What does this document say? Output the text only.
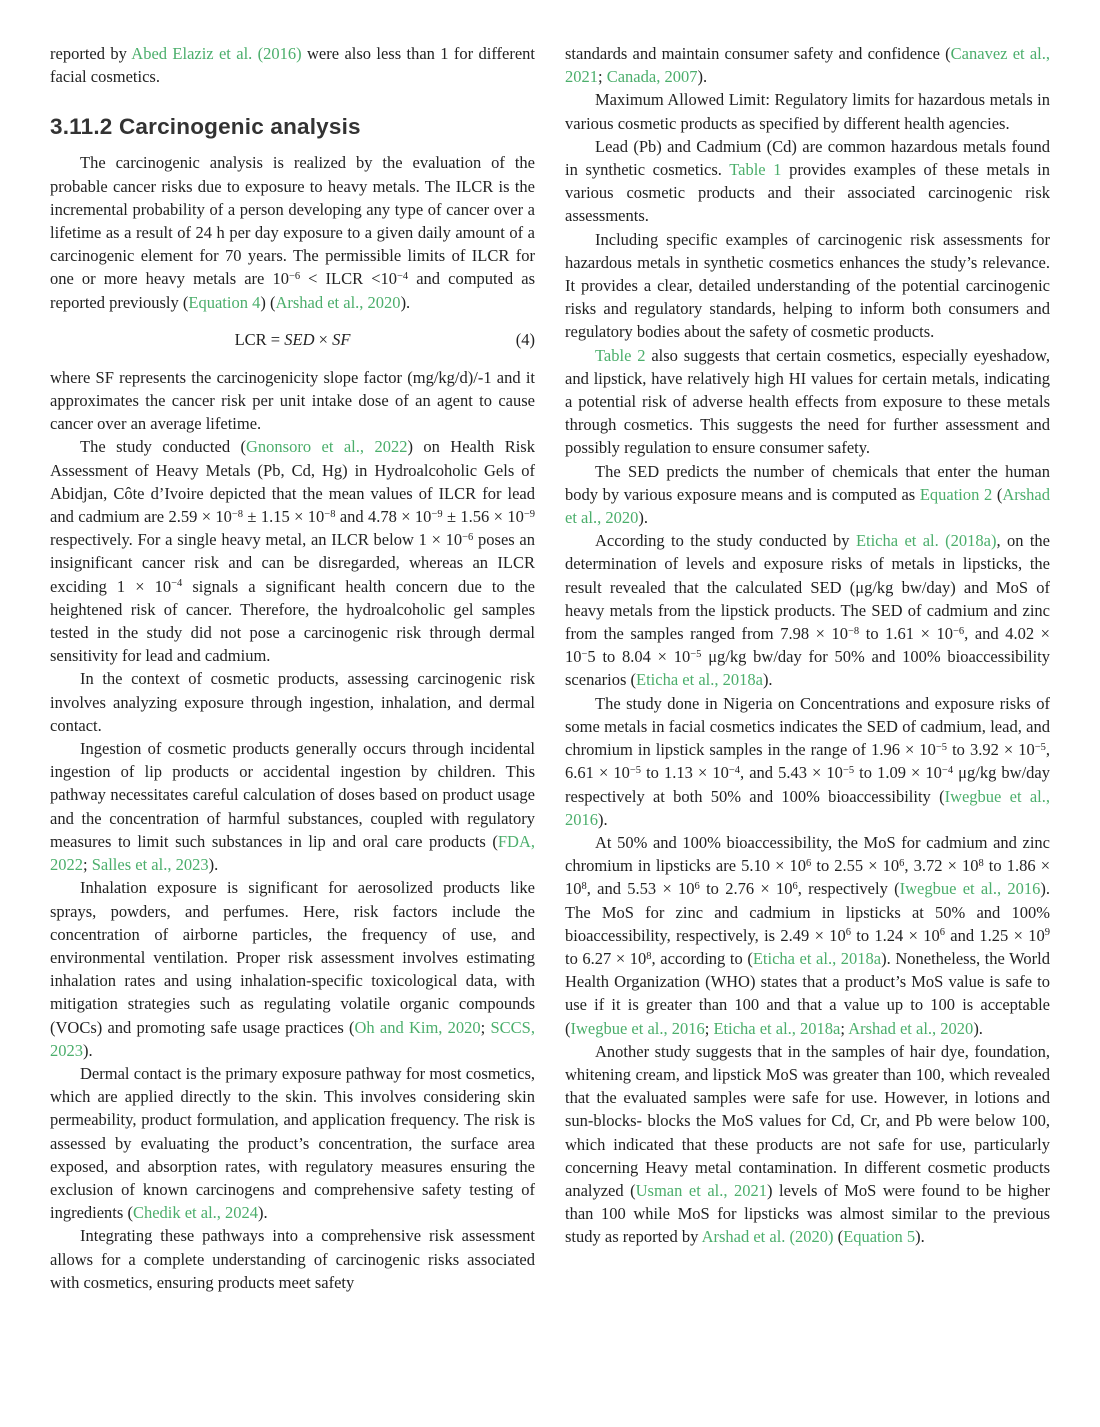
reported by Abed Elaziz et al. (2016) were also less than 1 for different facial cosmetics.

3.11.2 Carcinogenic analysis

The carcinogenic analysis is realized by the evaluation of the probable cancer risks due to exposure to heavy metals. The ILCR is the incremental probability of a person developing any type of cancer over a lifetime as a result of 24 h per day exposure to a given daily amount of a carcinogenic element for 70 years. The permissible limits of ILCR for one or more heavy metals are $10^{-6}$ < ILCR $<10^{-4}$ and computed as reported previously (Equation 4) (Arshad et al., 2020).

LCR = SED × SF	(4)

where SF represents the carcinogenicity slope factor (mg/kg/d)/-1 and it approximates the cancer risk per unit intake dose of an agent to cause cancer over an average lifetime.

The study conducted (Gnonsoro et al., 2022) on Health Risk Assessment of Heavy Metals (Pb, Cd, Hg) in Hydroalcoholic Gels of Abidjan, Côte d’Ivoire depicted that the mean values of ILCR for lead and cadmium are $2.59 \times 10^{-8} \pm 1.15 \times 10^{-8}$ and $4.78 \times 10^{-9} \pm 1.56 \times 10^{-9}$ respectively. For a single heavy metal, an ILCR below $1 \times 10^{-6}$ poses an insignificant cancer risk and can be disregarded, whereas an ILCR exciding $1 \times 10^{-4}$ signals a significant health concern due to the heightened risk of cancer. Therefore, the hydroalcoholic gel samples tested in the study did not pose a carcinogenic risk through dermal sensitivity for lead and cadmium.

In the context of cosmetic products, assessing carcinogenic risk involves analyzing exposure through ingestion, inhalation, and dermal contact.

Ingestion of cosmetic products generally occurs through incidental ingestion of lip products or accidental ingestion by children. This pathway necessitates careful calculation of doses based on product usage and the concentration of harmful substances, coupled with regulatory measures to limit such substances in lip and oral care products (FDA, 2022; Salles et al., 2023).

Inhalation exposure is significant for aerosolized products like sprays, powders, and perfumes. Here, risk factors include the concentration of airborne particles, the frequency of use, and environmental ventilation. Proper risk assessment involves estimating inhalation rates and using inhalation-specific toxicological data, with mitigation strategies such as regulating volatile organic compounds (VOCs) and promoting safe usage practices (Oh and Kim, 2020; SCCS, 2023).

Dermal contact is the primary exposure pathway for most cosmetics, which are applied directly to the skin. This involves considering skin permeability, product formulation, and application frequency. The risk is assessed by evaluating the product’s concentration, the surface area exposed, and absorption rates, with regulatory measures ensuring the exclusion of known carcinogens and comprehensive safety testing of ingredients (Chedik et al., 2024).

Integrating these pathways into a comprehensive risk assessment allows for a complete understanding of carcinogenic risks associated with cosmetics, ensuring products meet safety

standards and maintain consumer safety and confidence (Canavez et al., 2021; Canada, 2007).

Maximum Allowed Limit: Regulatory limits for hazardous metals in various cosmetic products as specified by different health agencies.

Lead (Pb) and Cadmium (Cd) are common hazardous metals found in synthetic cosmetics. Table 1 provides examples of these metals in various cosmetic products and their associated carcinogenic risk assessments.

Including specific examples of carcinogenic risk assessments for hazardous metals in synthetic cosmetics enhances the study’s relevance. It provides a clear, detailed understanding of the potential carcinogenic risks and regulatory standards, helping to inform both consumers and regulatory bodies about the safety of cosmetic products.

Table 2 also suggests that certain cosmetics, especially eyeshadow, and lipstick, have relatively high HI values for certain metals, indicating a potential risk of adverse health effects from exposure to these metals through cosmetics. This suggests the need for further assessment and possibly regulation to ensure consumer safety.

The SED predicts the number of chemicals that enter the human body by various exposure means and is computed as Equation 2 (Arshad et al., 2020).

According to the study conducted by Eticha et al. (2018a), on the determination of levels and exposure risks of metals in lipsticks, the result revealed that the calculated SED (μg/kg bw/day) and MoS of heavy metals from the lipstick products. The SED of cadmium and zinc from the samples ranged from $7.98 \times 10^{-8}$ to $1.61 \times 10^{-6}$, and 4.02 × 10−5 to $8.04 \times 10^{-5}$ μg/kg bw/day for 50% and 100% bioaccessibility scenarios (Eticha et al., 2018a).

The study done in Nigeria on Concentrations and exposure risks of some metals in facial cosmetics indicates the SED of cadmium, lead, and chromium in lipstick samples in the range of $1.96 \times 10^{-5}$ to $3.92 \times 10^{-5}$, $6.61 \times 10^{-5}$ to $1.13 \times 10^{-4}$, and $5.43 \times 10^{-5}$ to $1.09 \times 10^{-4}$ μg/kg bw/day respectively at both 50% and 100% bioaccessibility (Iwegbue et al., 2016).

At 50% and 100% bioaccessibility, the MoS for cadmium and zinc chromium in lipsticks are $5.10 \times 10^6$ to $2.55 \times 10^6$, $3.72 \times 10^8$ to $1.86 \times 10^8$, and $5.53 \times 10^6$ to $2.76 \times 10^6$, respectively (Iwegbue et al., 2016). The MoS for zinc and cadmium in lipsticks at 50% and 100% bioaccessibility, respectively, is $2.49 \times 10^6$ to $1.24 \times 10^6$ and $1.25 \times 10^9$ to $6.27 \times 10^8$, according to (Eticha et al., 2018a). Nonetheless, the World Health Organization (WHO) states that a product’s MoS value is safe to use if it is greater than 100 and that a value up to 100 is acceptable (Iwegbue et al., 2016; Eticha et al., 2018a; Arshad et al., 2020).

Another study suggests that in the samples of hair dye, foundation, whitening cream, and lipstick MoS was greater than 100, which revealed that the evaluated samples were safe for use. However, in lotions and sun-blocks- blocks the MoS values for Cd, Cr, and Pb were below 100, which indicated that these products are not safe for use, particularly concerning Heavy metal contamination. In different cosmetic products analyzed (Usman et al., 2021) levels of MoS were found to be higher than 100 while MoS for lipsticks was almost similar to the previous study as reported by Arshad et al. (2020) (Equation 5).
